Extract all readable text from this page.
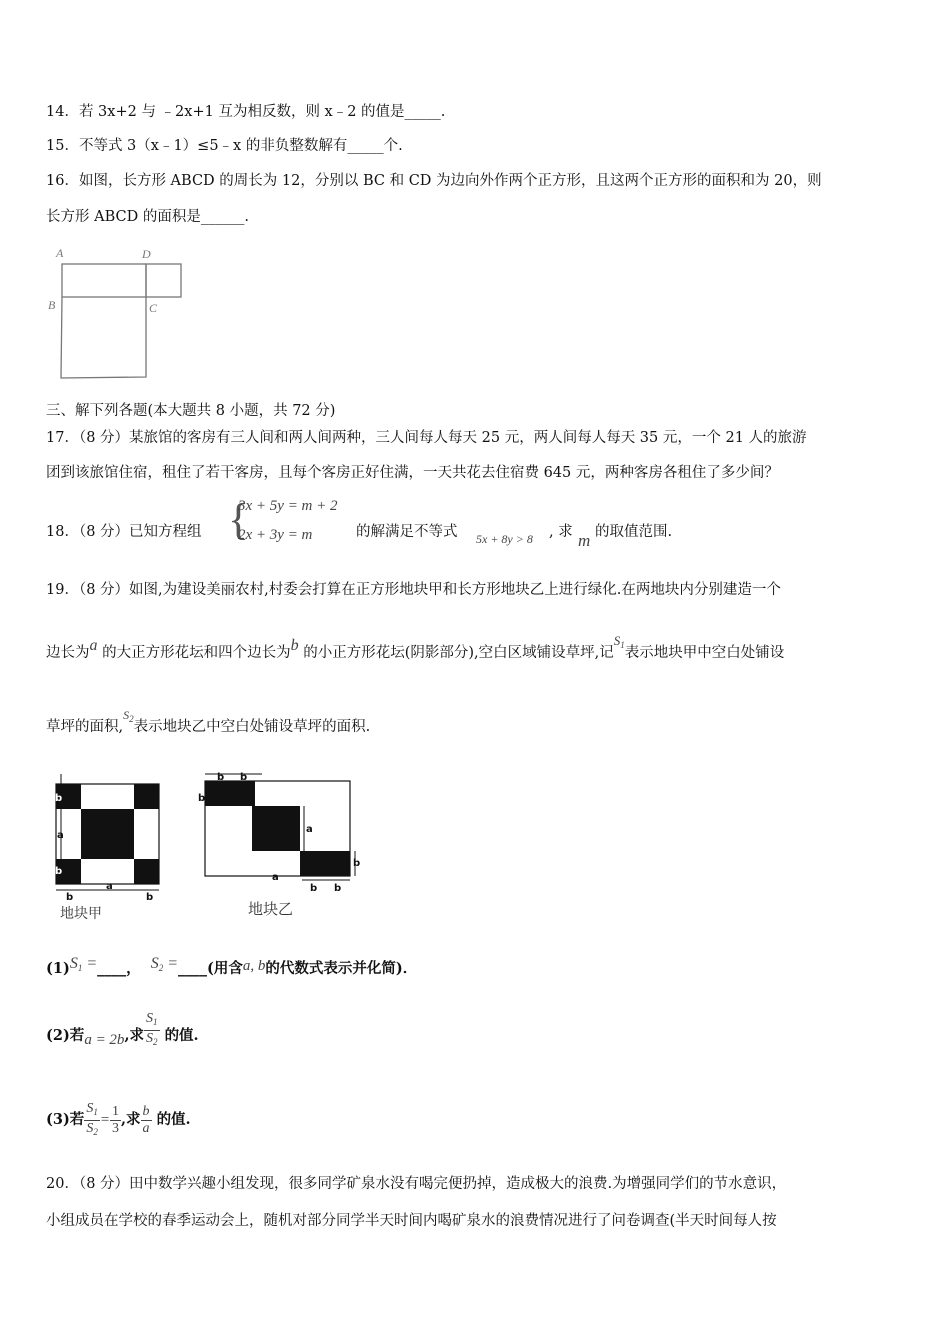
14．若 3x+2 与 ﹣2x+1 互为相反数，则 x﹣2 的值是_____.
15．不等式 3（x﹣1）≤5﹣x 的非负整数解有_____个.
16．如图，长方形 ABCD 的周长为 12，分别以 BC 和 CD 为边向外作两个正方形，且这两个正方形的面积和为 20，则
长方形 ABCD 的面积是______.
A	D
B	C
三、解下列各题(本大题共 8 小题，共 72 分)
17．（8 分）某旅馆的客房有三人间和两人间两种，三人间每人每天 25 元，两人间每人每天 35 元，一个 21 人的旅游
团到该旅馆住宿，租住了若干客房，且每个客房正好住满，一天共花去住宿费 645 元，两种客房各租住了多少间？
18．（8 分）已知方程组 {
3x + 5y = m + 2
2x + 3y = m	的解满足不等式 5x + 8y > 8 , 求 m 的取值范围.
19．（8 分）如图,为建设美丽农村,村委会打算在正方形地块甲和长方形地块乙上进行绿化.在两地块内分别建造一个
边长为a 的大正方形花坛和四个边长为b 的小正方形花坛(阴影部分),空白区域铺设草坪,记$S_1$表示地块甲中空白处铺设
草坪的面积,$^{S_2}$表示地块乙中空白处铺设草坪的面积.
b
a
b
b
a
b
地块甲
b
b b
a
a
b b
b
地块乙
$(1)S_1$ =____， $S_2$ =____(用含a, b的代数式表示并化简)．
(2)若a = 2b,求 $\frac{S_1}{S_2}$ 的值.
(3)若 $\frac{S_1}{S_2} = \frac{1}{3}$ ,求 $\frac{b}{a}$ 的值.
20．（8 分）田中数学兴趣小组发现，很多同学矿泉水没有喝完便扔掉，造成极大的浪费.为增强同学们的节水意识，
小组成员在学校的春季运动会上，随机对部分同学半天时间内喝矿泉水的浪费情况进行了问卷调查(半天时间每人按
